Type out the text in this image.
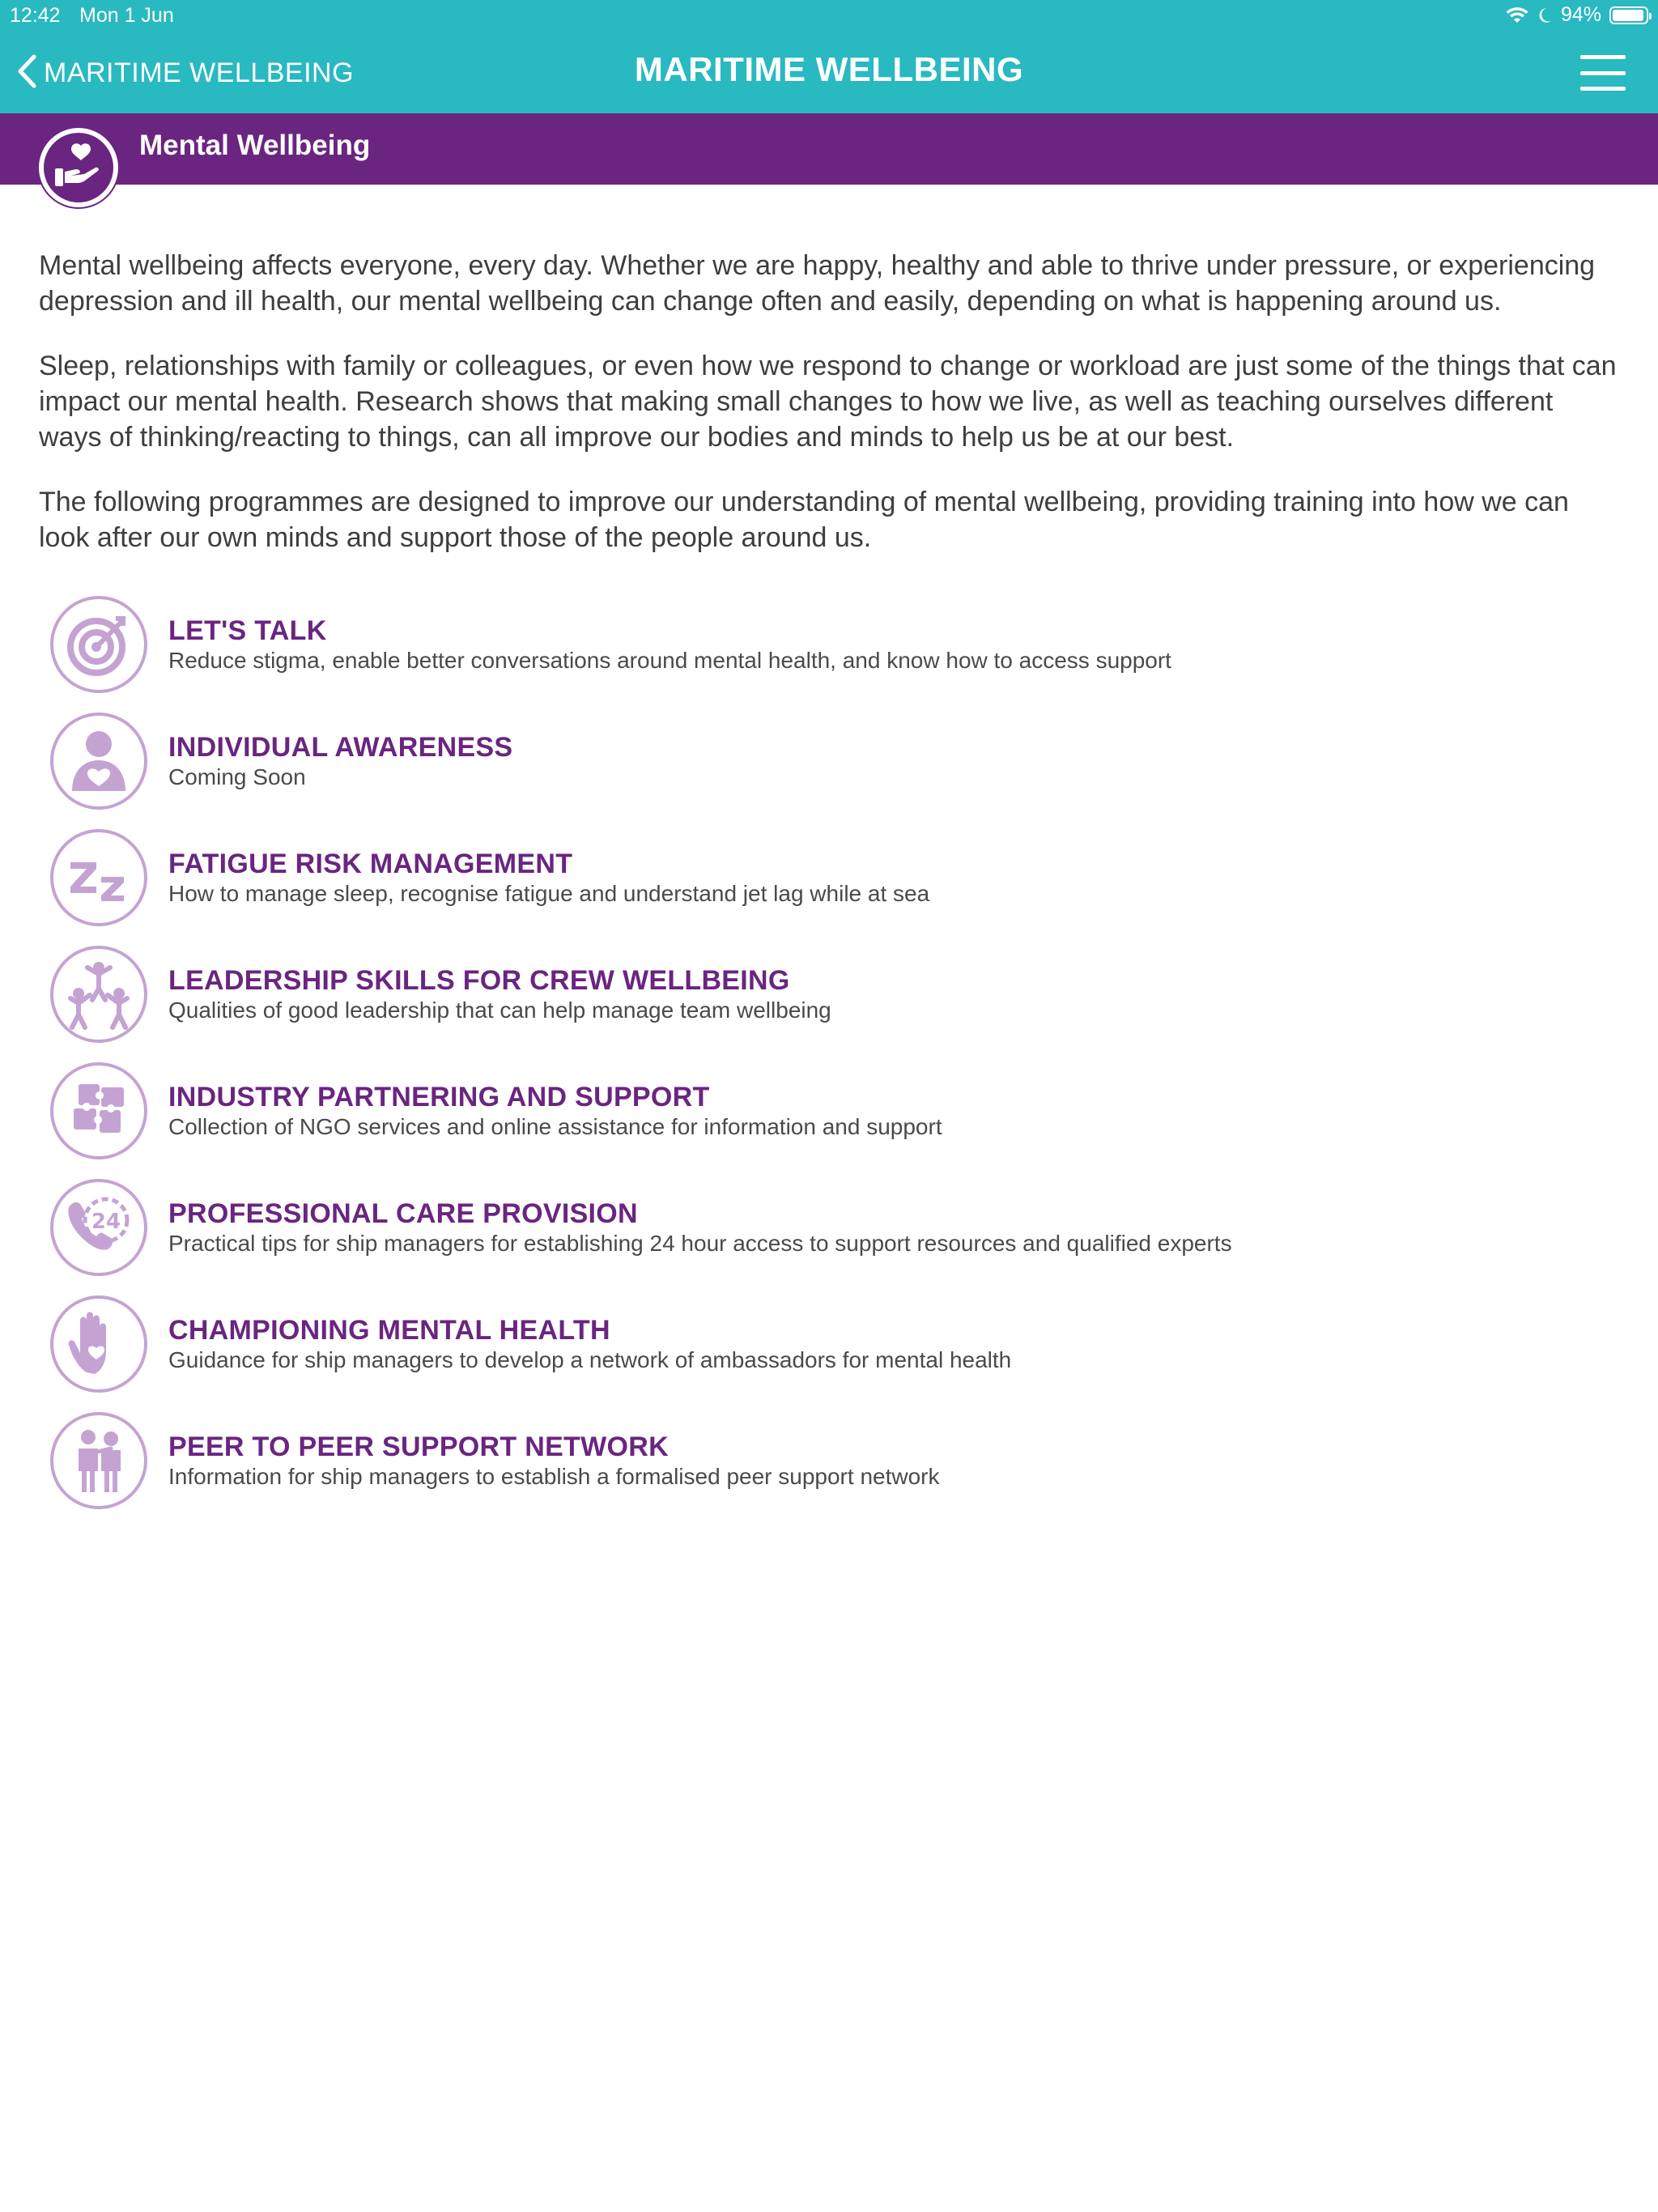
12:42 Mon 1 Jun	94%
MARITIME WELLBEING	MARITIME WELLBEING
Mental Wellbeing

Mental wellbeing affects everyone, every day. Whether we are happy, healthy and able to thrive under pressure, or experiencing depression and ill health, our mental wellbeing can change often and easily, depending on what is happening around us.

Sleep, relationships with family or colleagues, or even how we respond to change or workload are just some of the things that can impact our mental health. Research shows that making small changes to how we live, as well as teaching ourselves different ways of thinking/reacting to things, can all improve our bodies and minds to help us be at our best.

The following programmes are designed to improve our understanding of mental wellbeing, providing training into how we can look after our own minds and support those of the people around us.

LET'S TALK
Reduce stigma, enable better conversations around mental health, and know how to access support
INDIVIDUAL AWARENESS
Coming Soon
FATIGUE RISK MANAGEMENT
How to manage sleep, recognise fatigue and understand jet lag while at sea
LEADERSHIP SKILLS FOR CREW WELLBEING
Qualities of good leadership that can help manage team wellbeing
INDUSTRY PARTNERING AND SUPPORT
Collection of NGO services and online assistance for information and support
24 PROFESSIONAL CARE PROVISION
Practical tips for ship managers for establishing 24 hour access to support resources and qualified experts
CHAMPIONING MENTAL HEALTH
Guidance for ship managers to develop a network of ambassadors for mental health
PEER TO PEER SUPPORT NETWORK
Information for ship managers to establish a formalised peer support network
